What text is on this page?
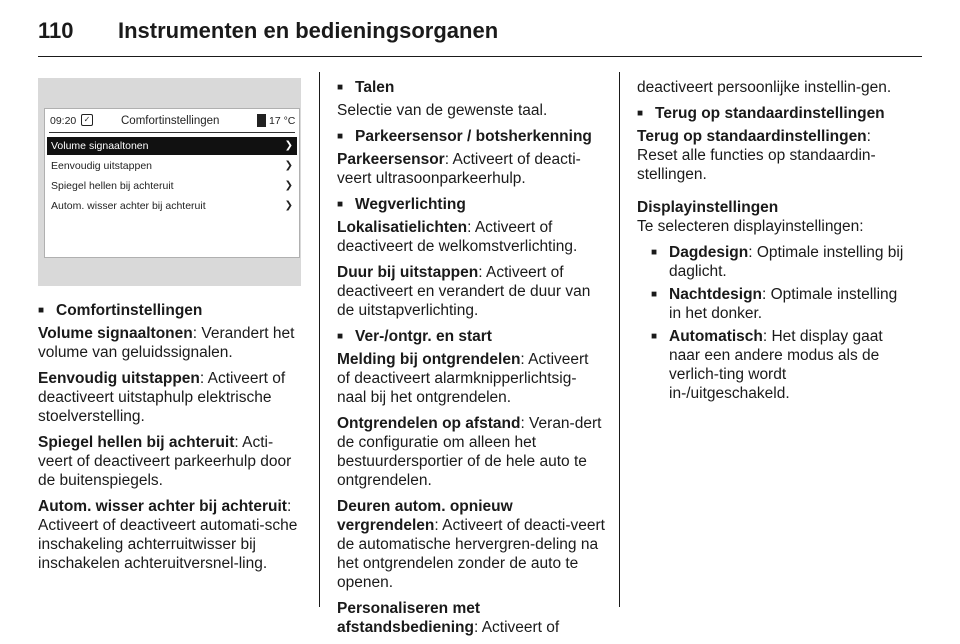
110 Instrumenten en bedieningsorganen
09:20 ✓	Comfortinstellingen	17 °C
Volume signaaltonen	❯
Eenvoudig uitstappen	❯
Spiegel hellen bij achteruit	❯
Autom. wisser achter bij achteruit	❯
■ Comfortinstellingen

Volume signaaltonen: Verandert het volume van geluidssignalen.

Eenvoudig uitstappen: Activeert of deactiveert uitstaphulp elektrische stoelverstelling.

Spiegel hellen bij achteruit: Acti-veert of deactiveert parkeerhulp door de buitenspiegels.

Autom. wisser achter bij achteruit: Activeert of deactiveert automati-sche inschakeling achterruitwisser bij inschakelen achteruitversnel-ling.

■ Talen

Selectie van de gewenste taal.

■ Parkeersensor / botsherkenning

Parkeersensor: Activeert of deacti-veert ultrasoonparkeerhulp.

■ Wegverlichting

Lokalisatielichten: Activeert of deactiveert de welkomstverlichting.

Duur bij uitstappen: Activeert of deactiveert en verandert de duur van de uitstapverlichting.

■ Ver-/ontgr. en start

Melding bij ontgrendelen: Activeert of deactiveert alarmknipperlichtsig-naal bij het ontgrendelen.

Ontgrendelen op afstand: Veran-dert de configuratie om alleen het bestuurdersportier of de hele auto te ontgrendelen.

Deuren autom. opnieuw vergrendelen: Activeert of deacti-veert de automatische hervergren-deling na het ontgrendelen zonder de auto te openen.

Personaliseren met afstandsbediening: Activeert of

deactiveert persoonlijke instellin-gen.

■ Terug op standaardinstellingen

Terug op standaardinstellingen: Reset alle functies op standaardin-stellingen.

Displayinstellingen

Te selecteren displayinstellingen:

■ Dagdesign: Optimale instelling bij daglicht.
■ Nachtdesign: Optimale instelling in het donker.
■ Automatisch: Het display gaat naar een andere modus als de verlich-ting wordt in-/uitgeschakeld.
